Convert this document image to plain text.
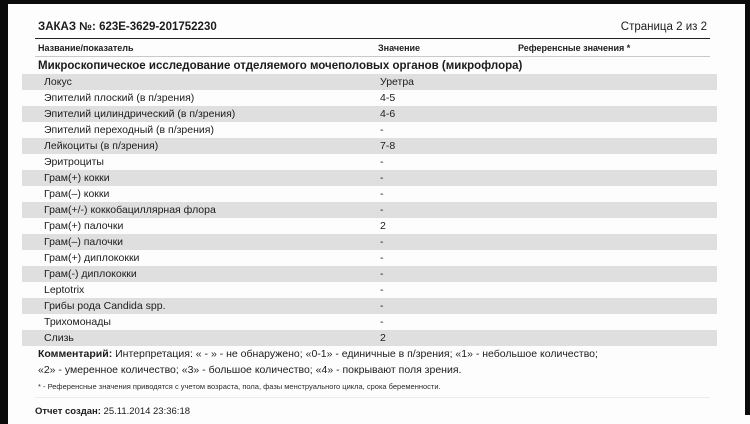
ЗАКАЗ №: 623E-3629-201752230	Страница 2 из 2
Название/показатель	Значение	Референсные значения *
Микроскопическое исследование отделяемого мочеполовых органов (микрофлора)
Локус	Уретра
Эпителий плоский (в п/зрения)	4-5
Эпителий цилиндрический (в п/зрения)	4-6
Эпителий переходный (в п/зрения)	-
Лейкоциты (в п/зрения)	7-8
Эритроциты	-
Грам(+) кокки	-
Грам(–) кокки	-
Грам(+/-) коккобациллярная флора	-
Грам(+) палочки	2
Грам(–) палочки	-
Грам(+) диплококки	-
Грам(-) диплококки	-
Leptotrix	-
Грибы рода Candida spp.	-
Трихомонады	-
Слизь	2
Комментарий: Интерпретация: « - » - не обнаружено; «0-1» - единичные в п/зрения; «1» - небольшое количество;
«2» - умеренное количество; «3» - большое количество; «4» - покрывают поля зрения.
* - Референсные значения приводятся с учетом возраста, пола, фазы менструального цикла, срока беременности.
Отчет создан: 25.11.2014 23:36:18
